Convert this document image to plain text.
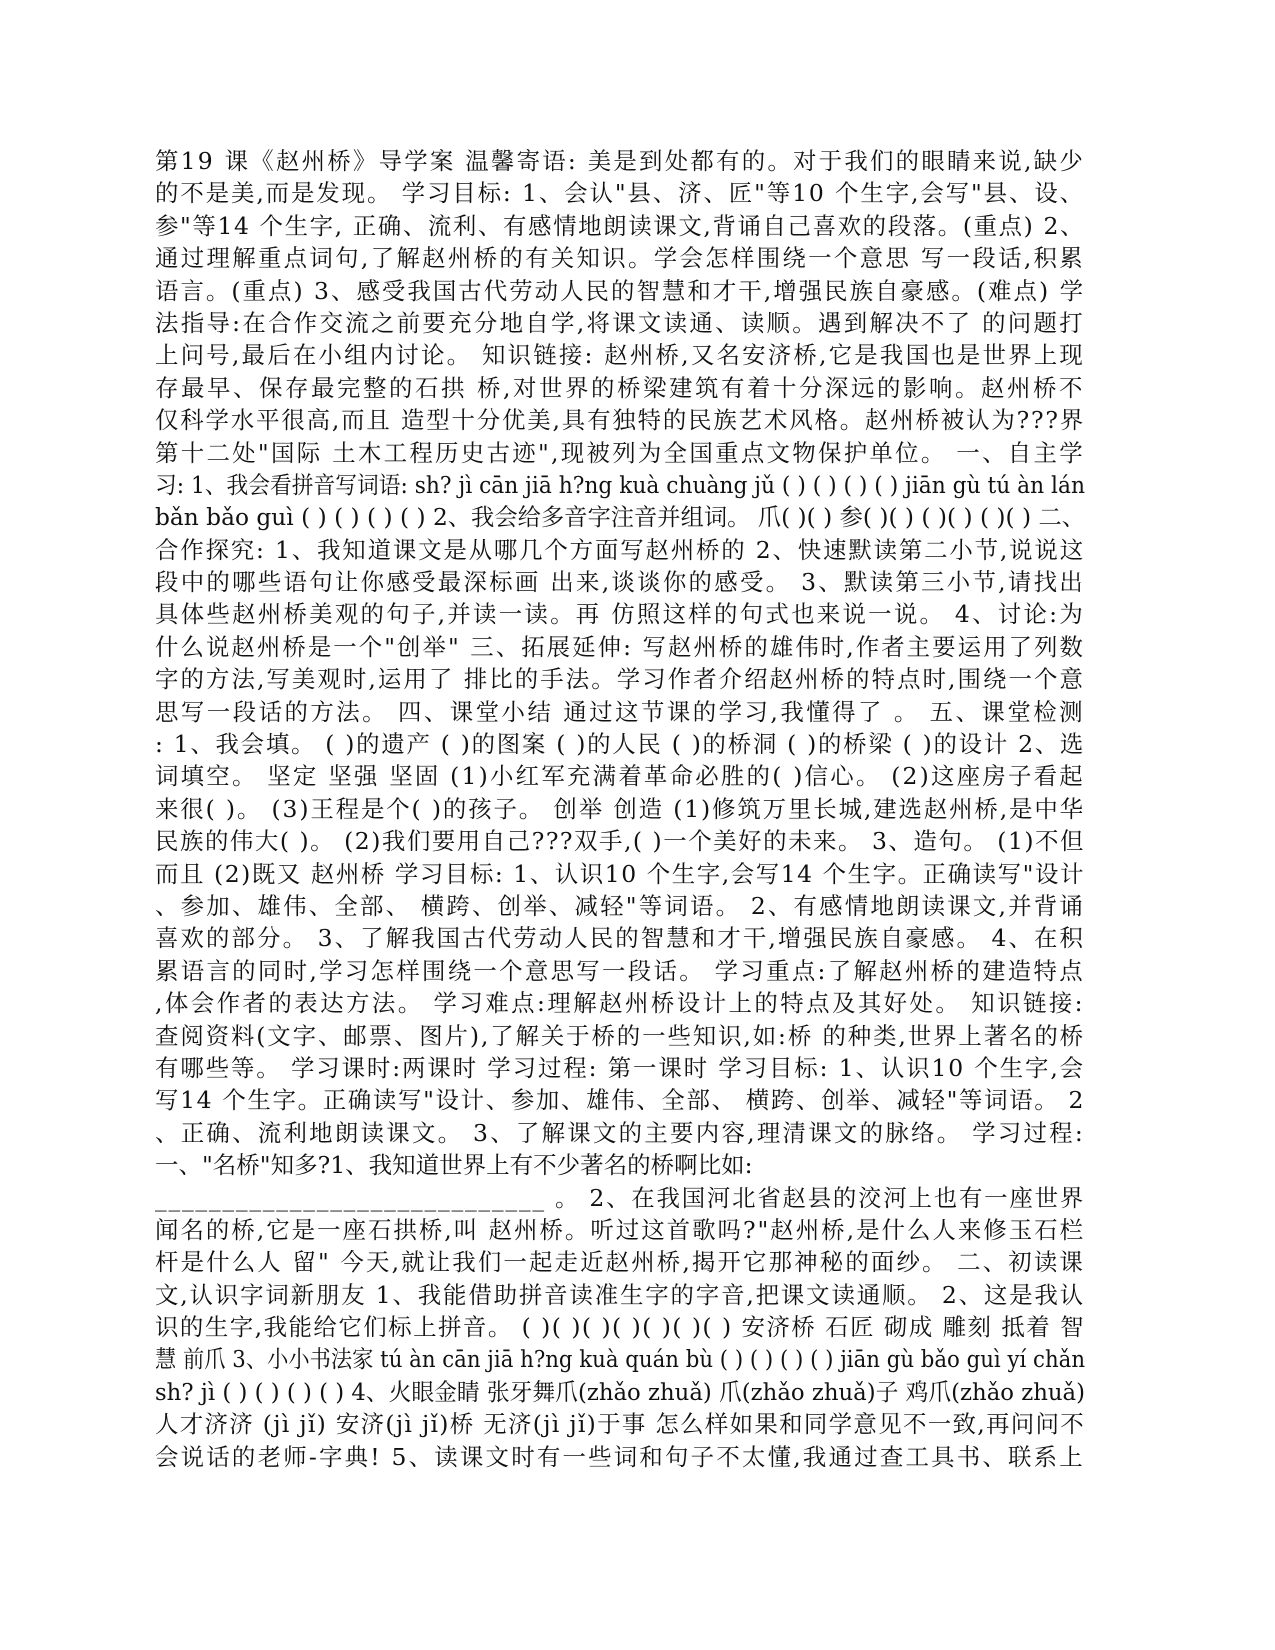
第19 课《赵州桥》导学案 温馨寄语: 美是到处都有的。对于我们的眼睛来说,缺少
的不是美,而是发现。 学习目标: 1、会认"县、济、匠"等10 个生字,会写"县、设、
参"等14 个生字, 正确、流利、有感情地朗读课文,背诵自己喜欢的段落。(重点) 2、
通过理解重点词句,了解赵州桥的有关知识。学会怎样围绕一个意思 写一段话,积累
语言。(重点) 3、感受我国古代劳动人民的智慧和才干,增强民族自豪感。(难点) 学
法指导:在合作交流之前要充分地自学,将课文读通、读顺。遇到解决不了 的问题打
上问号,最后在小组内讨论。 知识链接: 赵州桥,又名安济桥,它是我国也是世界上现
存最早、保存最完整的石拱 桥,对世界的桥梁建筑有着十分深远的影响。赵州桥不
仅科学水平很高,而且 造型十分优美,具有独特的民族艺术风格。赵州桥被认为???界
第十二处"国际 土木工程历史古迹",现被列为全国重点文物保护单位。 一、自主学
习: 1、我会看拼音写词语: sh? jì cān jiā h?ng kuà chuàng jǔ ( ) ( ) ( ) ( ) jiān gù tú àn lán
bǎn bǎo guì ( ) ( ) ( ) ( ) 2、我会给多音字注音并组词。 爪( )( ) 参( )( ) ( )( ) ( )( ) 二、
合作探究: 1、我知道课文是从哪几个方面写赵州桥的 2、快速默读第二小节,说说这
段中的哪些语句让你感受最深标画 出来,谈谈你的感受。 3、默读第三小节,请找出
具体些赵州桥美观的句子,并读一读。再 仿照这样的句式也来说一说。 4、讨论:为
什么说赵州桥是一个"创举" 三、拓展延伸: 写赵州桥的雄伟时,作者主要运用了列数
字的方法,写美观时,运用了 排比的手法。学习作者介绍赵州桥的特点时,围绕一个意
思写一段话的方法。 四、课堂小结 通过这节课的学习,我懂得了 。 五、课堂检测
: 1、我会填。 ( )的遗产 ( )的图案 ( )的人民 ( )的桥洞 ( )的桥梁 ( )的设计 2、选
词填空。 坚定 坚强 坚固 (1)小红军充满着革命必胜的( )信心。 (2)这座房子看起
来很( )。 (3)王程是个( )的孩子。 创举 创造 (1)修筑万里长城,建选赵州桥,是中华
民族的伟大( )。 (2)我们要用自己???双手,( )一个美好的未来。 3、造句。 (1)不但
而且 (2)既又 赵州桥 学习目标: 1、认识10 个生字,会写14 个生字。正确读写"设计
、参加、雄伟、全部、 横跨、创举、减轻"等词语。 2、有感情地朗读课文,并背诵
喜欢的部分。 3、了解我国古代劳动人民的智慧和才干,增强民族自豪感。 4、在积
累语言的同时,学习怎样围绕一个意思写一段话。 学习重点:了解赵州桥的建造特点
,体会作者的表达方法。 学习难点:理解赵州桥设计上的特点及其好处。 知识链接:
查阅资料(文字、邮票、图片),了解关于桥的一些知识,如:桥 的种类,世界上著名的桥
有哪些等。 学习课时:两课时 学习过程: 第一课时 学习目标: 1、认识10 个生字,会
写14 个生字。正确读写"设计、参加、雄伟、全部、 横跨、创举、减轻"等词语。 2
、正确、流利地朗读课文。 3、了解课文的主要内容,理清课文的脉络。 学习过程:
一、"名桥"知多?1、我知道世界上有不少著名的桥啊比如:
_____________________________ 。 2、在我国河北省赵县的洨河上也有一座世界
闻名的桥,它是一座石拱桥,叫 赵州桥。听过这首歌吗?"赵州桥,是什么人来修玉石栏
杆是什么人 留" 今天,就让我们一起走近赵州桥,揭开它那神秘的面纱。 二、初读课
文,认识字词新朋友 1、我能借助拼音读准生字的字音,把课文读通顺。 2、这是我认
识的生字,我能给它们标上拼音。 ( )( )( )( )( )( )( ) 安济桥 石匠 砌成 雕刻 抵着 智
慧 前爪 3、小小书法家 tú àn cān jiā h?ng kuà quán bù ( ) ( ) ( ) ( ) jiān gù bǎo guì yí chǎn
sh? jì ( ) ( ) ( ) ( ) 4、火眼金睛 张牙舞爪(zhǎo zhuǎ) 爪(zhǎo zhuǎ)子 鸡爪(zhǎo zhuǎ)
人才济济 (jì jǐ) 安济(jì jǐ)桥 无济(jì jǐ)于事 怎么样如果和同学意见不一致,再问问不
会说话的老师-字典! 5、读课文时有一些词和句子不太懂,我通过查工具书、联系上
